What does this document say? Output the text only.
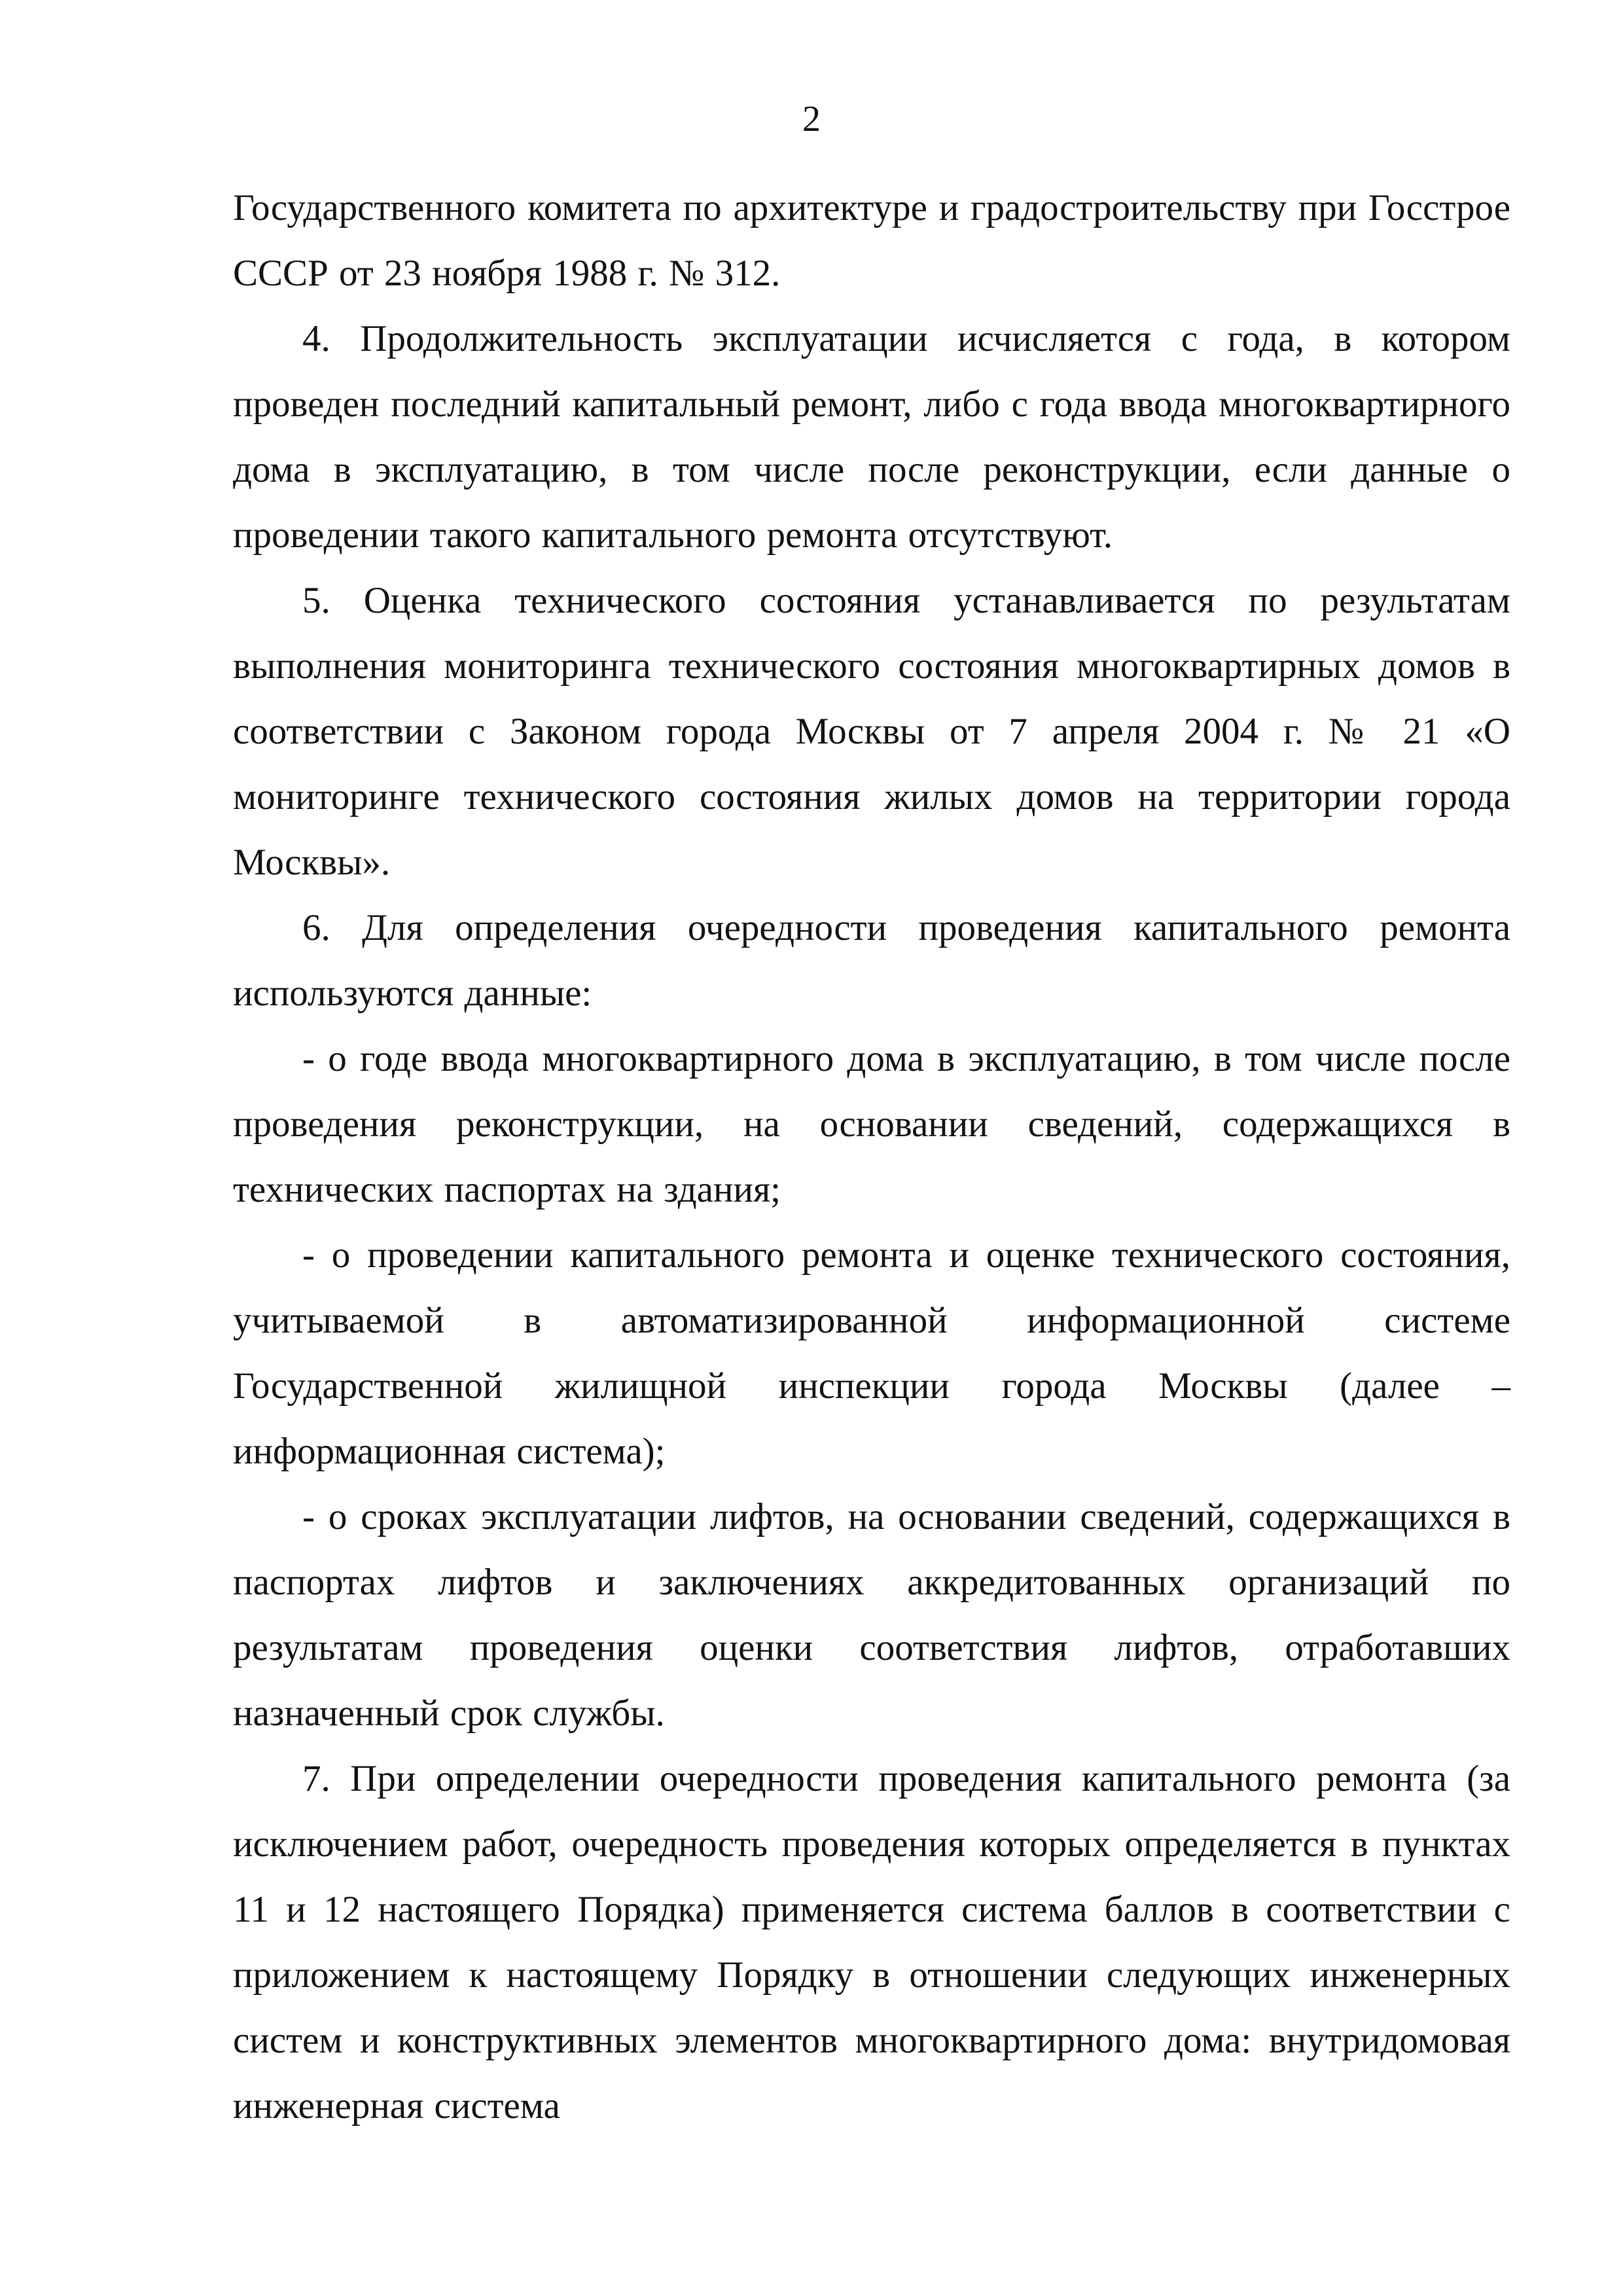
2

Государственного комитета по архитектуре и градостроительству при Госстрое СССР от 23 ноября 1988 г. № 312.

4. Продолжительность эксплуатации исчисляется с года, в котором проведен последний капитальный ремонт, либо с года ввода многоквартирного дома в эксплуатацию, в том числе после реконструкции, если данные о проведении такого капитального ремонта отсутствуют.

5. Оценка технического состояния устанавливается по результатам выполнения мониторинга технического состояния многоквартирных домов в соответствии с Законом города Москвы от 7 апреля 2004 г. № 21 «О мониторинге технического состояния жилых домов на территории города Москвы».

6. Для определения очередности проведения капитального ремонта используются данные:

- о годе ввода многоквартирного дома в эксплуатацию, в том числе после проведения реконструкции, на основании сведений, содержащихся в технических паспортах на здания;

- о проведении капитального ремонта и оценке технического состояния, учитываемой в автоматизированной информационной системе Государственной жилищной инспекции города Москвы (далее – информационная система);

- о сроках эксплуатации лифтов, на основании сведений, содержащихся в паспортах лифтов и заключениях аккредитованных организаций по результатам проведения оценки соответствия лифтов, отработавших назначенный срок службы.

7. При определении очередности проведения капитального ремонта (за исключением работ, очередность проведения которых определяется в пунктах 11 и 12 настоящего Порядка) применяется система баллов в соответствии с приложением к настоящему Порядку в отношении следующих инженерных систем и конструктивных элементов многоквартирного дома: внутридомовая инженерная система
